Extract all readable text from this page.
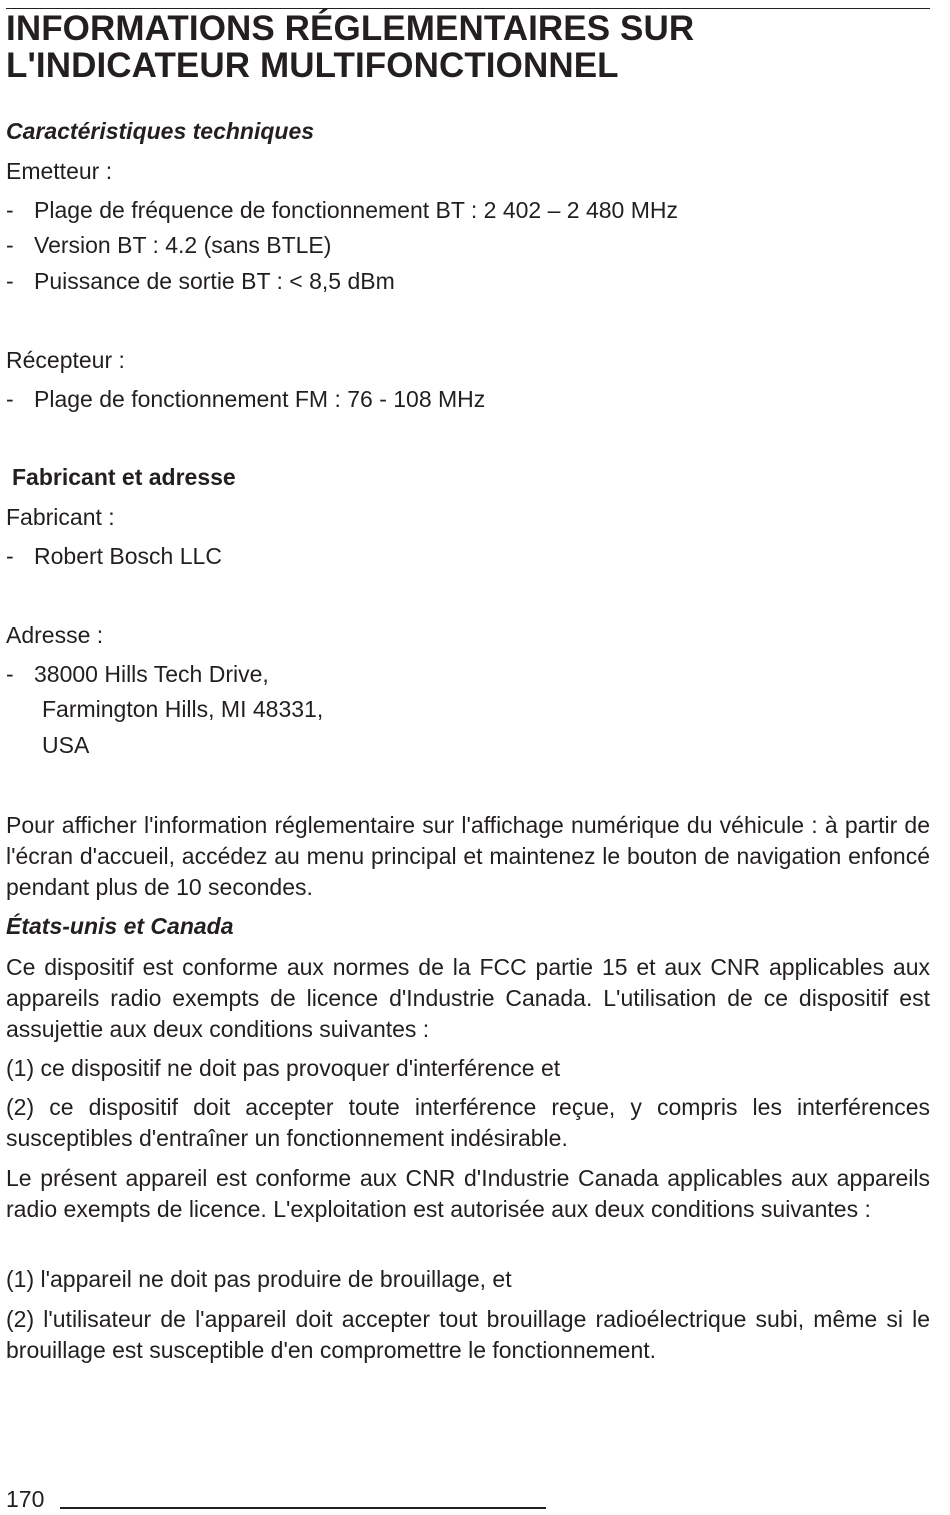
INFORMATIONS RÉGLEMENTAIRES SUR
L'INDICATEUR MULTIFONCTIONNEL

Caractéristiques techniques

Emetteur :

- Plage de fréquence de fonctionnement BT : 2 402 – 2 480 MHz

- Version BT : 4.2 (sans BTLE)

- Puissance de sortie BT : < 8,5 dBm

Récepteur :

- Plage de fonctionnement FM : 76 - 108 MHz

Fabricant et adresse

Fabricant :

- Robert Bosch LLC

Adresse :

- 38000 Hills Tech Drive,

Farmington Hills, MI 48331,

USA

Pour afficher l'information réglementaire sur l'affichage numérique du véhicule : à partir de l'écran d'accueil, accédez au menu principal et maintenez le bouton de navigation enfoncé pendant plus de 10 secondes.

États-unis et Canada

Ce dispositif est conforme aux normes de la FCC partie 15 et aux CNR applicables aux appareils radio exempts de licence d'Industrie Canada. L'utilisation de ce dispositif est assujettie aux deux conditions suivantes :

(1) ce dispositif ne doit pas provoquer d'interférence et

(2) ce dispositif doit accepter toute interférence reçue, y compris les interférences susceptibles d'entraîner un fonctionnement indésirable.

Le présent appareil est conforme aux CNR d'Industrie Canada applicables aux appareils radio exempts de licence. L'exploitation est autorisée aux deux conditions suivantes :

(1) l'appareil ne doit pas produire de brouillage, et

(2) l'utilisateur de l'appareil doit accepter tout brouillage radioélectrique subi, même si le brouillage est susceptible d'en compromettre le fonctionnement.

170
